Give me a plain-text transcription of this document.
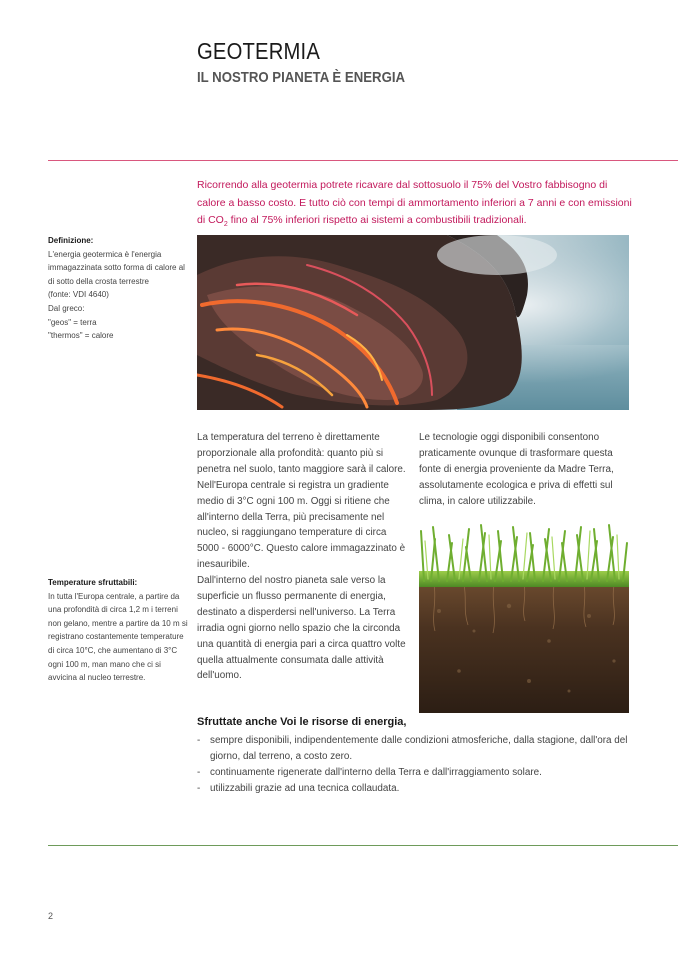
GEOTERMIA
IL NOSTRO PIANETA È ENERGIA

Ricorrendo alla geotermia potrete ricavare dal sottosuolo il 75% del Vostro fabbisogno di calore a basso costo. E tutto ciò con tempi di ammortamento inferiori a 7 anni e con emissioni di $CO_2$ fino al 75% inferiori rispetto ai sistemi a combustibili tradizionali.

Definizione:

L'energia geotermica è l'energia immagazzinata sotto forma di calore al di sotto della crosta terrestre

(fonte: VDI 4640)

Dal greco:

"geos" = terra

"thermos" = calore

La temperatura del terreno è direttamente proporzionale alla profondità: quanto più si penetra nel suolo, tanto maggiore sarà il calore. Nell'Europa centrale si registra un gradiente medio di 3°C ogni 100 m. Oggi si ritiene che all'interno della Terra, più precisamente nel nucleo, si raggiungano temperature di circa 5000 - 6000°C. Questo calore immagazzinato è inesauribile.

Dall'interno del nostro pianeta sale verso la superficie un flusso permanente di energia, destinato a disperdersi nell'universo. La Terra irradia ogni giorno nello spazio che la circonda una quantità di energia pari a circa quattro volte quella attualmente consumata dalle attività dell'uomo.

Le tecnologie oggi disponibili consentono praticamente ovunque di trasformare questa fonte di energia proveniente da Madre Terra, assolutamente ecologica e priva di effetti sul clima, in calore utilizzabile.

Temperature sfruttabili:

In tutta l'Europa centrale, a partire da una profondità di circa 1,2 m i terreni non gelano, mentre a partire da 10 m si registrano costantemente temperature di circa 10°C, che aumentano di 3°C ogni 100 m, man mano che ci si avvicina al nucleo terrestre.

Sfruttate anche Voi le risorse di energia,
- sempre disponibili, indipendentemente dalle condizioni atmosferiche, dalla stagione, dall'ora del giorno, dal terreno, a costo zero.
- continuamente rigenerate dall'interno della Terra e dall'irraggiamento solare.
- utilizzabili grazie ad una tecnica collaudata.
2
